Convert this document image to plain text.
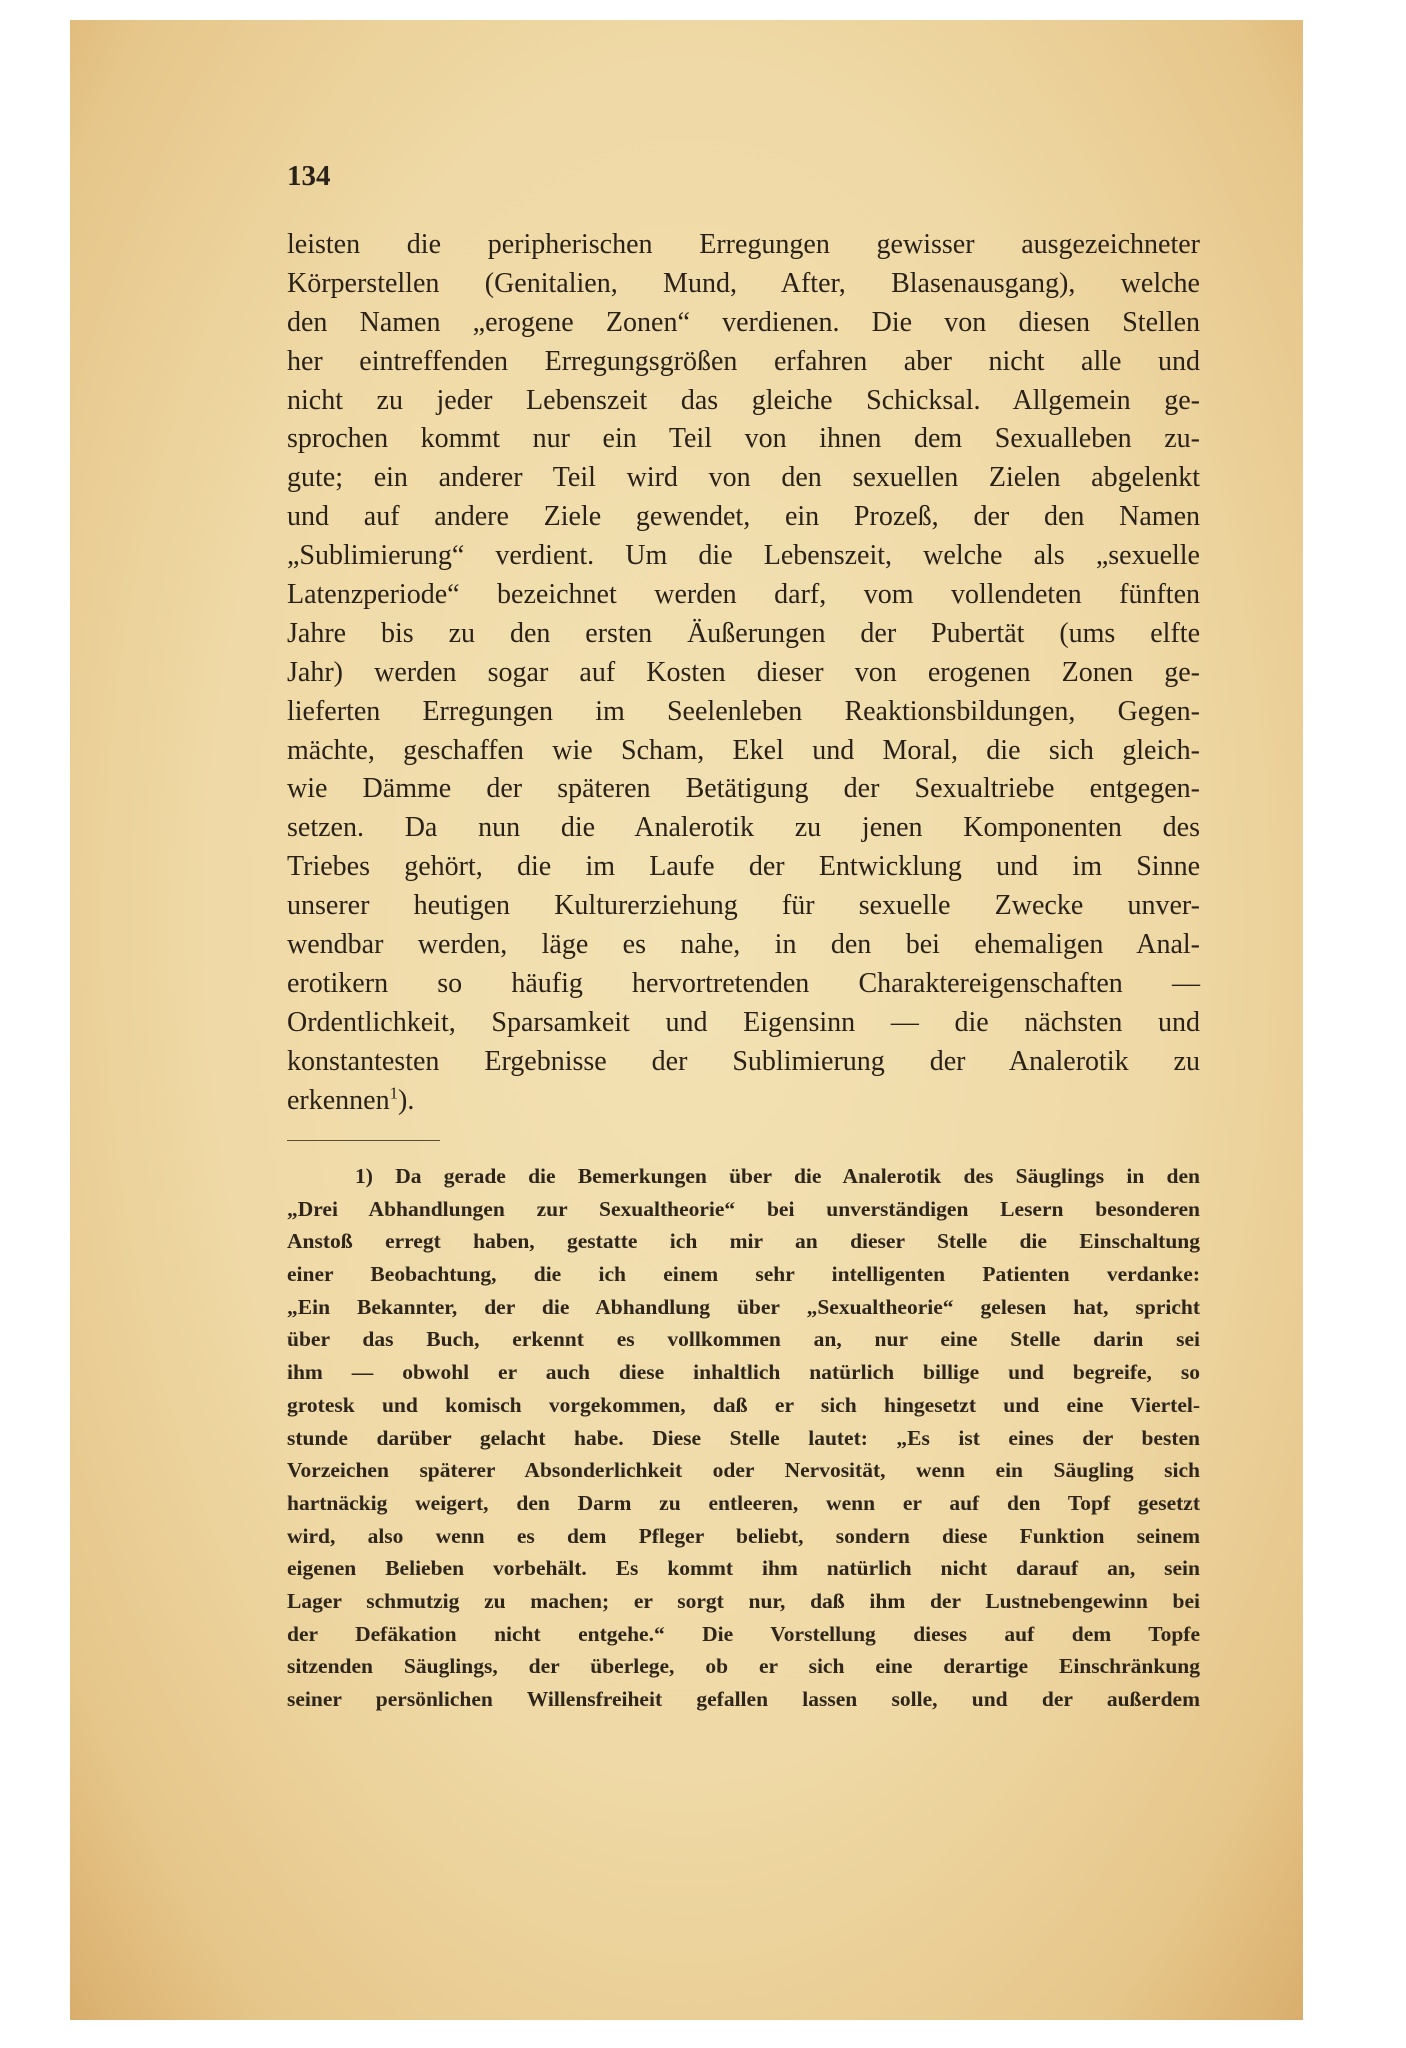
134
leisten die peripherischen Erregungen gewisser ausgezeichneter
Körperstellen (Genitalien, Mund, After, Blasenausgang), welche
den Namen „erogene Zonen“ verdienen. Die von diesen Stellen
her eintreffenden Erregungsgrößen erfahren aber nicht alle und
nicht zu jeder Lebenszeit das gleiche Schicksal. Allgemein ge-
sprochen kommt nur ein Teil von ihnen dem Sexualleben zu-
gute; ein anderer Teil wird von den sexuellen Zielen abgelenkt
und auf andere Ziele gewendet, ein Prozeß, der den Namen
„Sublimierung“ verdient. Um die Lebenszeit, welche als „sexuelle
Latenzperiode“ bezeichnet werden darf, vom vollendeten fünften
Jahre bis zu den ersten Äußerungen der Pubertät (ums elfte
Jahr) werden sogar auf Kosten dieser von erogenen Zonen ge-
lieferten Erregungen im Seelenleben Reaktionsbildungen, Gegen-
mächte, geschaffen wie Scham, Ekel und Moral, die sich gleich-
wie Dämme der späteren Betätigung der Sexualtriebe entgegen-
setzen. Da nun die Analerotik zu jenen Komponenten des
Triebes gehört, die im Laufe der Entwicklung und im Sinne
unserer heutigen Kulturerziehung für sexuelle Zwecke unver-
wendbar werden, läge es nahe, in den bei ehemaligen Anal-
erotikern so häufig hervortretenden Charaktereigenschaften —
Ordentlichkeit, Sparsamkeit und Eigensinn — die nächsten und
konstantesten Ergebnisse der Sublimierung der Analerotik zu
erkennen$^1$).
1) Da gerade die Bemerkungen über die Analerotik des Säuglings in den
„Drei Abhandlungen zur Sexualtheorie“ bei unverständigen Lesern besonderen
Anstoß erregt haben, gestatte ich mir an dieser Stelle die Einschaltung
einer Beobachtung, die ich einem sehr intelligenten Patienten verdanke:
„Ein Bekannter, der die Abhandlung über „Sexualtheorie“ gelesen hat, spricht
über das Buch, erkennt es vollkommen an, nur eine Stelle darin sei
ihm — obwohl er auch diese inhaltlich natürlich billige und begreife, so
grotesk und komisch vorgekommen, daß er sich hingesetzt und eine Viertel-
stunde darüber gelacht habe. Diese Stelle lautet: „Es ist eines der besten
Vorzeichen späterer Absonderlichkeit oder Nervosität, wenn ein Säugling sich
hartnäckig weigert, den Darm zu entleeren, wenn er auf den Topf gesetzt
wird, also wenn es dem Pfleger beliebt, sondern diese Funktion seinem
eigenen Belieben vorbehält. Es kommt ihm natürlich nicht darauf an, sein
Lager schmutzig zu machen; er sorgt nur, daß ihm der Lustnebengewinn bei
der Defäkation nicht entgehe.“ Die Vorstellung dieses auf dem Topfe
sitzenden Säuglings, der überlege, ob er sich eine derartige Einschränkung
seiner persönlichen Willensfreiheit gefallen lassen solle, und der außerdem
